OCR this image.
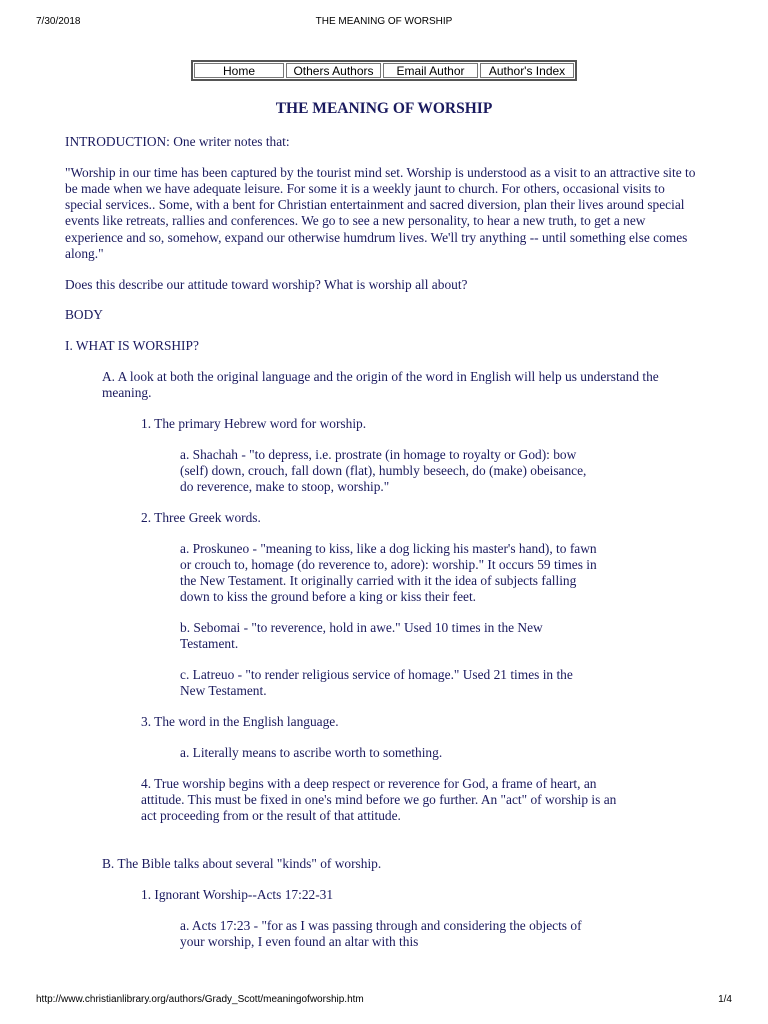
7/30/2018	THE MEANING OF WORSHIP
Home	Others Authors	Email Author	Author's Index
THE MEANING OF WORSHIP

INTRODUCTION: One writer notes that:

"Worship in our time has been captured by the tourist mind set. Worship is understood as a visit to an attractive site to be made when we have adequate leisure. For some it is a weekly jaunt to church. For others, occasional visits to special services.. Some, with a bent for Christian entertainment and sacred diversion, plan their lives around special events like retreats, rallies and conferences. We go to see a new personality, to hear a new truth, to get a new experience and so, somehow, expand our otherwise humdrum lives. We'll try anything -- until something else comes along."

Does this describe our attitude toward worship? What is worship all about?

BODY

I. WHAT IS WORSHIP?

A. A look at both the original language and the origin of the word in English will help us understand the meaning.

1. The primary Hebrew word for worship.

a. Shachah - "to depress, i.e. prostrate (in homage to royalty or God): bow (self) down, crouch, fall down (flat), humbly beseech, do (make) obeisance, do reverence, make to stoop, worship."

2. Three Greek words.

a. Proskuneo - "meaning to kiss, like a dog licking his master's hand), to fawn or crouch to, homage (do reverence to, adore): worship." It occurs 59 times in the New Testament. It originally carried with it the idea of subjects falling down to kiss the ground before a king or kiss their feet.

b. Sebomai - "to reverence, hold in awe." Used 10 times in the New Testament.

c. Latreuo - "to render religious service of homage." Used 21 times in the New Testament.

3. The word in the English language.

a. Literally means to ascribe worth to something.

4. True worship begins with a deep respect or reverence for God, a frame of heart, an attitude. This must be fixed in one's mind before we go further. An "act" of worship is an act proceeding from or the result of that attitude.

B. The Bible talks about several "kinds" of worship.

1. Ignorant Worship--Acts 17:22-31

a. Acts 17:23 - "for as I was passing through and considering the objects of your worship, I even found an altar with this

http://www.christianlibrary.org/authors/Grady_Scott/meaningofworship.htm	1/4
